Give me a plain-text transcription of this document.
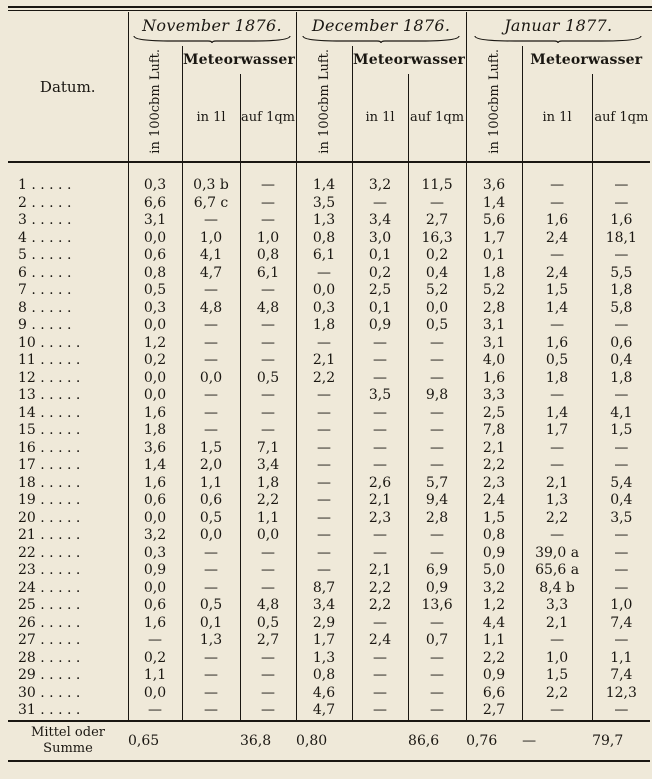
Datum.	November 1876.			December 1876.			Januar 1877.		

	in 100cbm Luft.	Meteorwasser		in 100cbm Luft.	Meteorwasser		in 100cbm Luft.	Meteorwasser	
		in 1l	auf 1qm		in 1l	auf 1qm		in 1l	auf 1qm

1 . . . . .	0,3	0,3 b	—	1,4	3,2	11,5	3,6	—	—
2 . . . . .	6,6	6,7 c	—	3,5	—	—	1,4	—	—
3 . . . . .	3,1	—	—	1,3	3,4	2,7	5,6	1,6	1,6
4 . . . . .	0,0	1,0	1,0	0,8	3,0	16,3	1,7	2,4	18,1
5 . . . . .	0,6	4,1	0,8	6,1	0,1	0,2	0,1	—	—
6 . . . . .	0,8	4,7	6,1	—	0,2	0,4	1,8	2,4	5,5
7 . . . . .	0,5	—	—	0,0	2,5	5,2	5,2	1,5	1,8
8 . . . . .	0,3	4,8	4,8	0,3	0,1	0,0	2,8	1,4	5,8
9 . . . . .	0,0	—	—	1,8	0,9	0,5	3,1	—	—
10 . . . . .	1,2	—	—	—	—	—	3,1	1,6	0,6
11 . . . . .	0,2	—	—	2,1	—	—	4,0	0,5	0,4
12 . . . . .	0,0	0,0	0,5	2,2	—	—	1,6	1,8	1,8
13 . . . . .	0,0	—	—	—	3,5	9,8	3,3	—	—
14 . . . . .	1,6	—	—	—	—	—	2,5	1,4	4,1
15 . . . . .	1,8	—	—	—	—	—	7,8	1,7	1,5
16 . . . . .	3,6	1,5	7,1	—	—	—	2,1	—	—
17 . . . . .	1,4	2,0	3,4	—	—	—	2,2	—	—
18 . . . . .	1,6	1,1	1,8	—	2,6	5,7	2,3	2,1	5,4
19 . . . . .	0,6	0,6	2,2	—	2,1	9,4	2,4	1,3	0,4
20 . . . . .	0,0	0,5	1,1	—	2,3	2,8	1,5	2,2	3,5
21 . . . . .	3,2	0,0	0,0	—	—	—	0,8	—	—
22 . . . . .	0,3	—	—	—	—	—	0,9	39,0 a	—
23 . . . . .	0,9	—	—	—	2,1	6,9	5,0	65,6 a	—
24 . . . . .	0,0	—	—	8,7	2,2	0,9	3,2	8,4 b	—
25 . . . . .	0,6	0,5	4,8	3,4	2,2	13,6	1,2	3,3	1,0
26 . . . . .	1,6	0,1	0,5	2,9	—	—	4,4	2,1	7,4
27 . . . . .	—	1,3	2,7	1,7	2,4	0,7	1,1	—	—
28 . . . . .	0,2	—	—	1,3	—	—	2,2	1,0	1,1
29 . . . . .	1,1	—	—	0,8	—	—	0,9	1,5	7,4
30 . . . . .	0,0	—	—	4,6	—	—	6,6	2,2	12,3
31 . . . . .	—	—	—	4,7	—	—	2,7	—	—
Mittel oder
Summe	0,65		36,8	0,80		86,6	0,76	—	79,7
